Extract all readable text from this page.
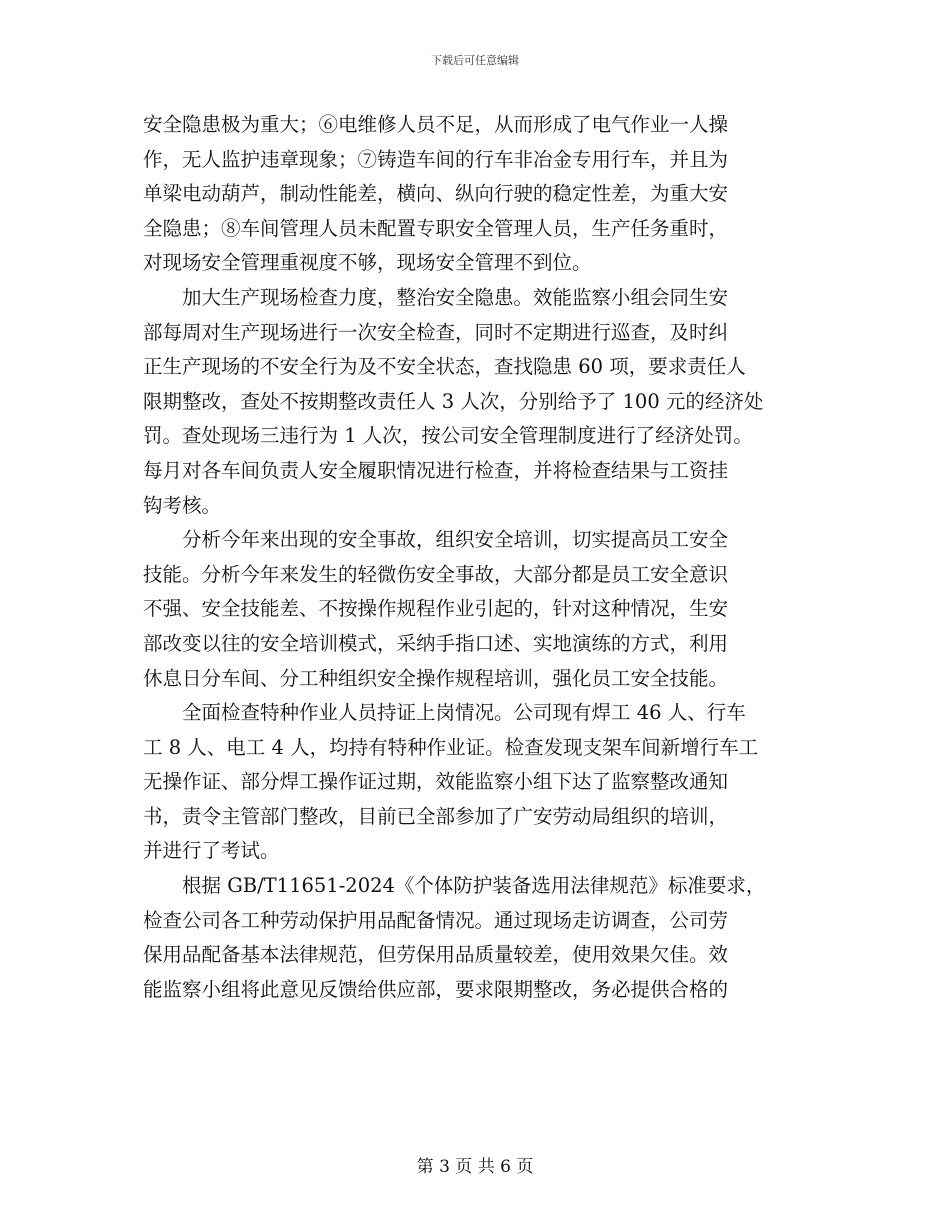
下载后可任意编辑
安全隐患极为重大；⑥电维修人员不足，从而形成了电气作业一人操
作，无人监护违章现象；⑦铸造车间的行车非冶金专用行车，并且为
单梁电动葫芦，制动性能差，横向、纵向行驶的稳定性差，为重大安
全隐患；⑧车间管理人员未配置专职安全管理人员，生产任务重时，
对现场安全管理重视度不够，现场安全管理不到位。
加大生产现场检查力度，整治安全隐患。效能监察小组会同生安
部每周对生产现场进行一次安全检查，同时不定期进行巡查，及时纠
正生产现场的不安全行为及不安全状态，查找隐患 60 项，要求责任人
限期整改，查处不按期整改责任人 3 人次，分别给予了 100 元的经济处
罚。查处现场三违行为 1 人次，按公司安全管理制度进行了经济处罚。
每月对各车间负责人安全履职情况进行检查，并将检查结果与工资挂
钩考核。
分析今年来出现的安全事故，组织安全培训，切实提高员工安全
技能。分析今年来发生的轻微伤安全事故，大部分都是员工安全意识
不强、安全技能差、不按操作规程作业引起的，针对这种情况，生安
部改变以往的安全培训模式，采纳手指口述、实地演练的方式，利用
休息日分车间、分工种组织安全操作规程培训，强化员工安全技能。
全面检查特种作业人员持证上岗情况。公司现有焊工 46 人、行车
工 8 人、电工 4 人，均持有特种作业证。检查发现支架车间新增行车工
无操作证、部分焊工操作证过期，效能监察小组下达了监察整改通知
书，责令主管部门整改，目前已全部参加了广安劳动局组织的培训，
并进行了考试。
根据 GB/T11651-2024《个体防护装备选用法律规范》标准要求，
检查公司各工种劳动保护用品配备情况。通过现场走访调查，公司劳
保用品配备基本法律规范，但劳保用品质量较差，使用效果欠佳。效
能监察小组将此意见反馈给供应部，要求限期整改，务必提供合格的
第 3 页 共 6 页
